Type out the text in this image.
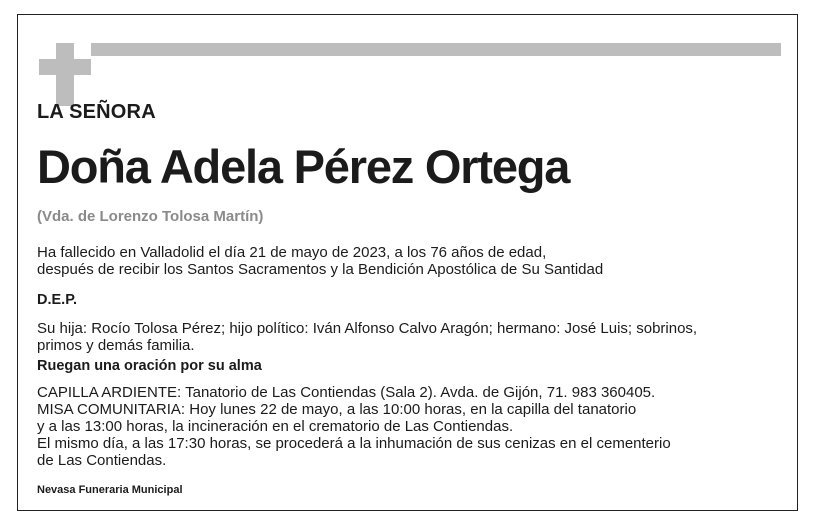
LA SEÑORA
Doña Adela Pérez Ortega
(Vda. de Lorenzo Tolosa Martín)
Ha fallecido en Valladolid el día 21 de mayo de 2023, a los 76 años de edad,
después de recibir los Santos Sacramentos y la Bendición Apostólica de Su Santidad
D.E.P.
Su hija: Rocío Tolosa Pérez; hijo político: Iván Alfonso Calvo Aragón; hermano: José Luis; sobrinos,
primos y demás familia.
Ruegan una oración por su alma
CAPILLA ARDIENTE: Tanatorio de Las Contiendas (Sala 2). Avda. de Gijón, 71. 983 360405.
MISA COMUNITARIA: Hoy lunes 22 de mayo, a las 10:00 horas, en la capilla del tanatorio
y a las 13:00 horas, la incineración en el crematorio de Las Contiendas.
El mismo día, a las 17:30 horas, se procederá a la inhumación de sus cenizas en el cementerio
de Las Contiendas.
Nevasa Funeraria Municipal
